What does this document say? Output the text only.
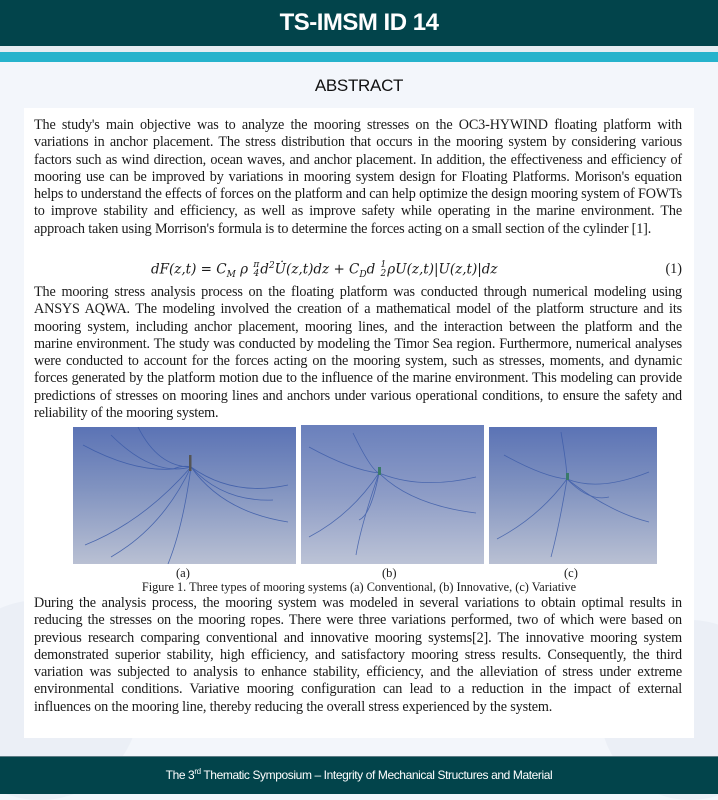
TS-IMSM ID 14
ABSTRACT

The study's main objective was to analyze the mooring stresses on the OC3-HYWIND floating platform with variations in anchor placement. The stress distribution that occurs in the mooring system by considering various factors such as wind direction, ocean waves, and anchor placement. In addition, the effectiveness and efficiency of mooring use can be improved by variations in mooring system design for Floating Platforms. Morison's equation helps to understand the effects of forces on the platform and can help optimize the design mooring system of FOWTs to improve stability and efficiency, as well as improve safety while operating in the marine environment. The approach taken using Morrison's formula is to determine the forces acting on a small section of the cylinder [1].

$dF(z,t) = C_M$ ρ π
4 $d^2U̇(z,t)dz + C_Dd$ 1
2 ρU(z,t)|U(z,t)|dz	(1)

The mooring stress analysis process on the floating platform was conducted through numerical modeling using ANSYS AQWA. The modeling involved the creation of a mathematical model of the platform structure and its mooring system, including anchor placement, mooring lines, and the interaction between the platform and the marine environment. The study was conducted by modeling the Timor Sea region. Furthermore, numerical analyses were conducted to account for the forces acting on the mooring system, such as stresses, moments, and dynamic forces generated by the platform motion due to the influence of the marine environment. This modeling can provide predictions of stresses on mooring lines and anchors under various operational conditions, to ensure the safety and reliability of the mooring system.

(a)	(b)	(c)
Figure 1. Three types of mooring systems (a) Conventional, (b) Innovative, (c) Variative

During the analysis process, the mooring system was modeled in several variations to obtain optimal results in reducing the stresses on the mooring ropes. There were three variations performed, two of which were based on previous research comparing conventional and innovative mooring systems[2]. The innovative mooring system demonstrated superior stability, high efficiency, and satisfactory mooring stress results. Consequently, the third variation was subjected to analysis to enhance stability, efficiency, and the alleviation of stress under extreme environmental conditions. Variative mooring configuration can lead to a reduction in the impact of external influences on the mooring line, thereby reducing the overall stress experienced by the system.

The 3rd Thematic Symposium – Integrity of Mechanical Structures and Material
